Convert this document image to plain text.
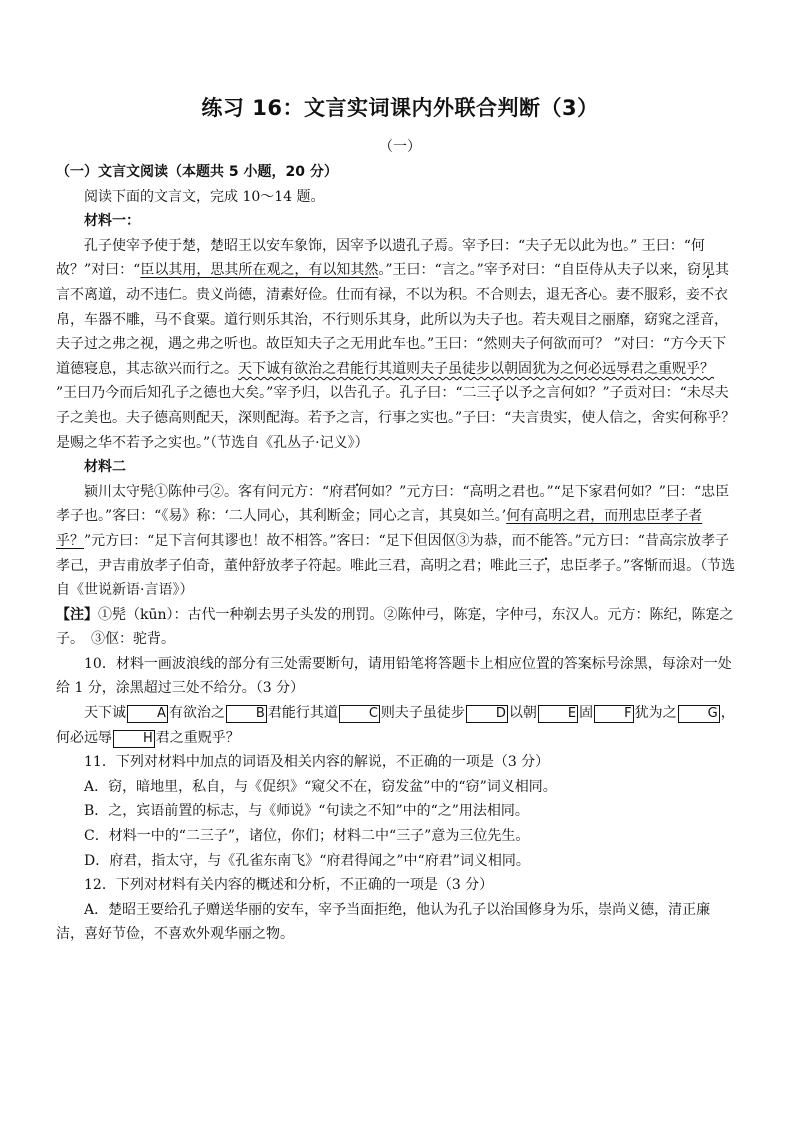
练习 16：文言实词课内外联合判断（3）
（一）

（一）文言文阅读（本题共 5 小题，20 分）

阅读下面的文言文，完成 10～14 题。

材料一：

孔子使宰予使于楚，楚昭王以安车象饰，因宰予以遗孔子焉。宰予曰：“夫子无以此为也。” 王曰：“何故？”对曰：“臣以其用，思其所在观之，有以知其然。”王曰：“言之。”宰予对曰：“自臣侍从夫子以来，窃见其言不离道，动不违仁。贵义尚德，清素好俭。仕而有禄，不以为积。不合则去，退无吝心。妻不服彩，妾不衣帛，车器不雕，马不食粟。道行则乐其治，不行则乐其身，此所以为夫子也。若夫观目之丽靡，窈窕之淫音，夫子过之弗之视，遇之弗之听也。故臣知夫子之无用此车也。”王曰：“然则夫子何欲而可？ ”对曰：“方今天下道德寝息，其志欲兴而行之。天下诚有欲治之君能行其道则夫子虽徒步以朝固犹为之何必远辱君之重贶乎？ ”王曰乃今而后知孔子之德也大矣。”宰予归，以告孔子。孔子曰：“二三子以予之言何如？”子贡对曰：“未尽夫子之美也。夫子德高则配天，深则配海。若予之言，行事之实也。”子曰：“夫言贵实，使人信之，舍实何称乎？是赐之华不若予之实也。”（节选自《孔丛子·记义》）

材料二

颍川太守髡①陈仲弓②。客有问元方：“府君何如？”元方曰：“高明之君也。”“足下家君何如？”曰：“忠臣孝子也。”客曰：“《易》称：‘二人同心，其利断金；同心之言，其臭如兰。’何有高明之君，而刑忠臣孝子者乎？”元方曰：“足下言何其谬也！故不相答。”客曰：“足下但因伛③为恭，而不能答。”元方曰：“昔高宗放孝子孝己，尹吉甫放孝子伯奇，董仲舒放孝子符起。唯此三君，高明之君；唯此三子，忠臣孝子。”客惭而退。（节选自《世说新语·言语》）

【注】①髡（kūn）：古代一种剃去男子头发的刑罚。②陈仲弓，陈寔，字仲弓，东汉人。元方：陈纪，陈寔之子。　③伛：驼背。

10．材料一画波浪线的部分有三处需要断句，请用铅笔将答题卡上相应位置的答案标号涂黑，每涂对一处给 1 分，涂黑超过三处不给分。（3 分）

天下诚 A 有欲治之 B 君能行其道 C 则夫子虽徒步 D 以朝 E 固 F 犹为之 G ，何必远辱 H 君之重贶乎？

11．下列对材料中加点的词语及相关内容的解说，不正确的一项是（3 分）

A．窃，暗地里，私自，与《促织》“窥父不在，窃发盆”中的“窃”词义相同。

B．之，宾语前置的标志，与《师说》“句读之不知”中的“之”用法相同。

C．材料一中的“二三子”，诸位，你们；材料二中“三子”意为三位先生。

D．府君，指太守，与《孔雀东南飞》“府君得闻之”中“府君”词义相同。

12．下列对材料有关内容的概述和分析，不正确的一项是（3 分）

A．楚昭王要给孔子赠送华丽的安车，宰予当面拒绝，他认为孔子以治国修身为乐，崇尚义德，清正廉洁，喜好节俭，不喜欢外观华丽之物。
